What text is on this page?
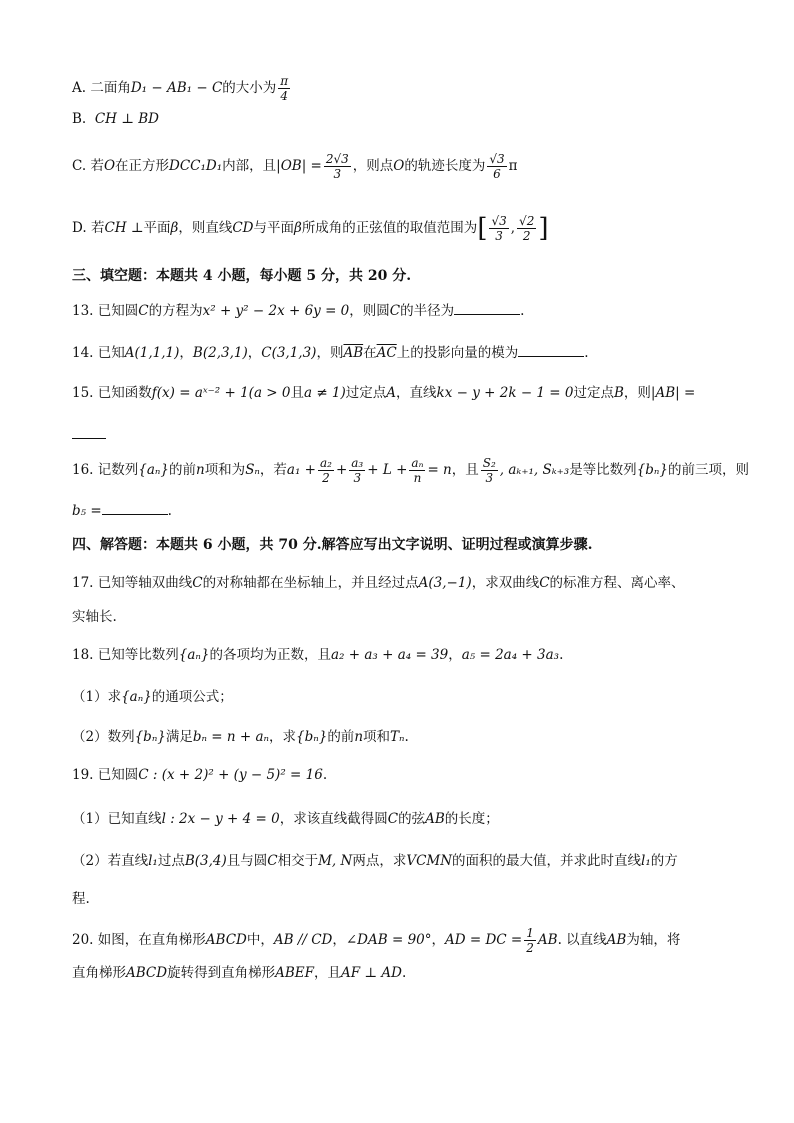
A. 二面角D₁ − AB₁ − C的大小为 $\frac{\pi}{4}$
B. CH ⊥ BD
C. 若O在正方形DCC₁D₁内部，且$|OB| = \frac{2√3}{3}$ ，则点O的轨迹长度为 $\frac{√3}{6}$ π
D. 若CH ⊥平面β，则直线CD与平面β所成角的正弦值的取值范围为[ $\frac{√3}{3}$ , $\frac{√2}{2}$ ]
三、填空题：本题共 4 小题，每小题 5 分，共 20 分.
13. 已知圆C的方程为x² + y² − 2x + 6y = 0，则圆C的半径为	.
14. 已知A(1,1,1)，B(2,3,1)，C(3,1,3)，则$\overline{AB}$在$\overline{AC}$上的投影向量的模为	.
15. 已知函数f(x) = aˣ⁻² + 1(a > 0且a ≠ 1)过定点A，直线kx − y + 2k − 1 = 0过定点B，则|AB| =
16. 记数列{aₙ}的前n项和为Sₙ，若$a_1 + \frac{\text{a₂}}{2} + \frac{\text{a₃}}{3} + L + \frac{\text{aₙ}}{n} = n$，且 $\frac{\text{S₂}}{3}$ , aₖ₊₁, Sₖ₊₃是等比数列{bₙ}的前三项，则
b₅ =	.
四、解答题：本题共 6 小题，共 70 分.解答应写出文字说明、证明过程或演算步骤.
17. 已知等轴双曲线C的对称轴都在坐标轴上，并且经过点A(3,−1)，求双曲线C的标准方程、离心率、
实轴长.
18. 已知等比数列{aₙ}的各项均为正数，且a₂ + a₃ + a₄ = 39，a₅ = 2a₄ + 3a₃.
（1）求{aₙ}的通项公式；
（2）数列{bₙ}满足bₙ = n + aₙ，求{bₙ}的前n项和Tₙ.
19. 已知圆C : (x + 2)² + (y − 5)² = 16.
（1）已知直线l : 2x − y + 4 = 0，求该直线截得圆C的弦AB的长度；
（2）若直线l₁过点B(3,4)且与圆C相交于M, N两点，求VCMN的面积的最大值，并求此时直线l₁的方
程.
20. 如图，在直角梯形ABCD中，AB // CD，∠DAB = 90°，AD = DC = $\frac{1}{2}$ AB. 以直线AB为轴，将
直角梯形ABCD旋转得到直角梯形ABEF，且AF ⊥ AD.
